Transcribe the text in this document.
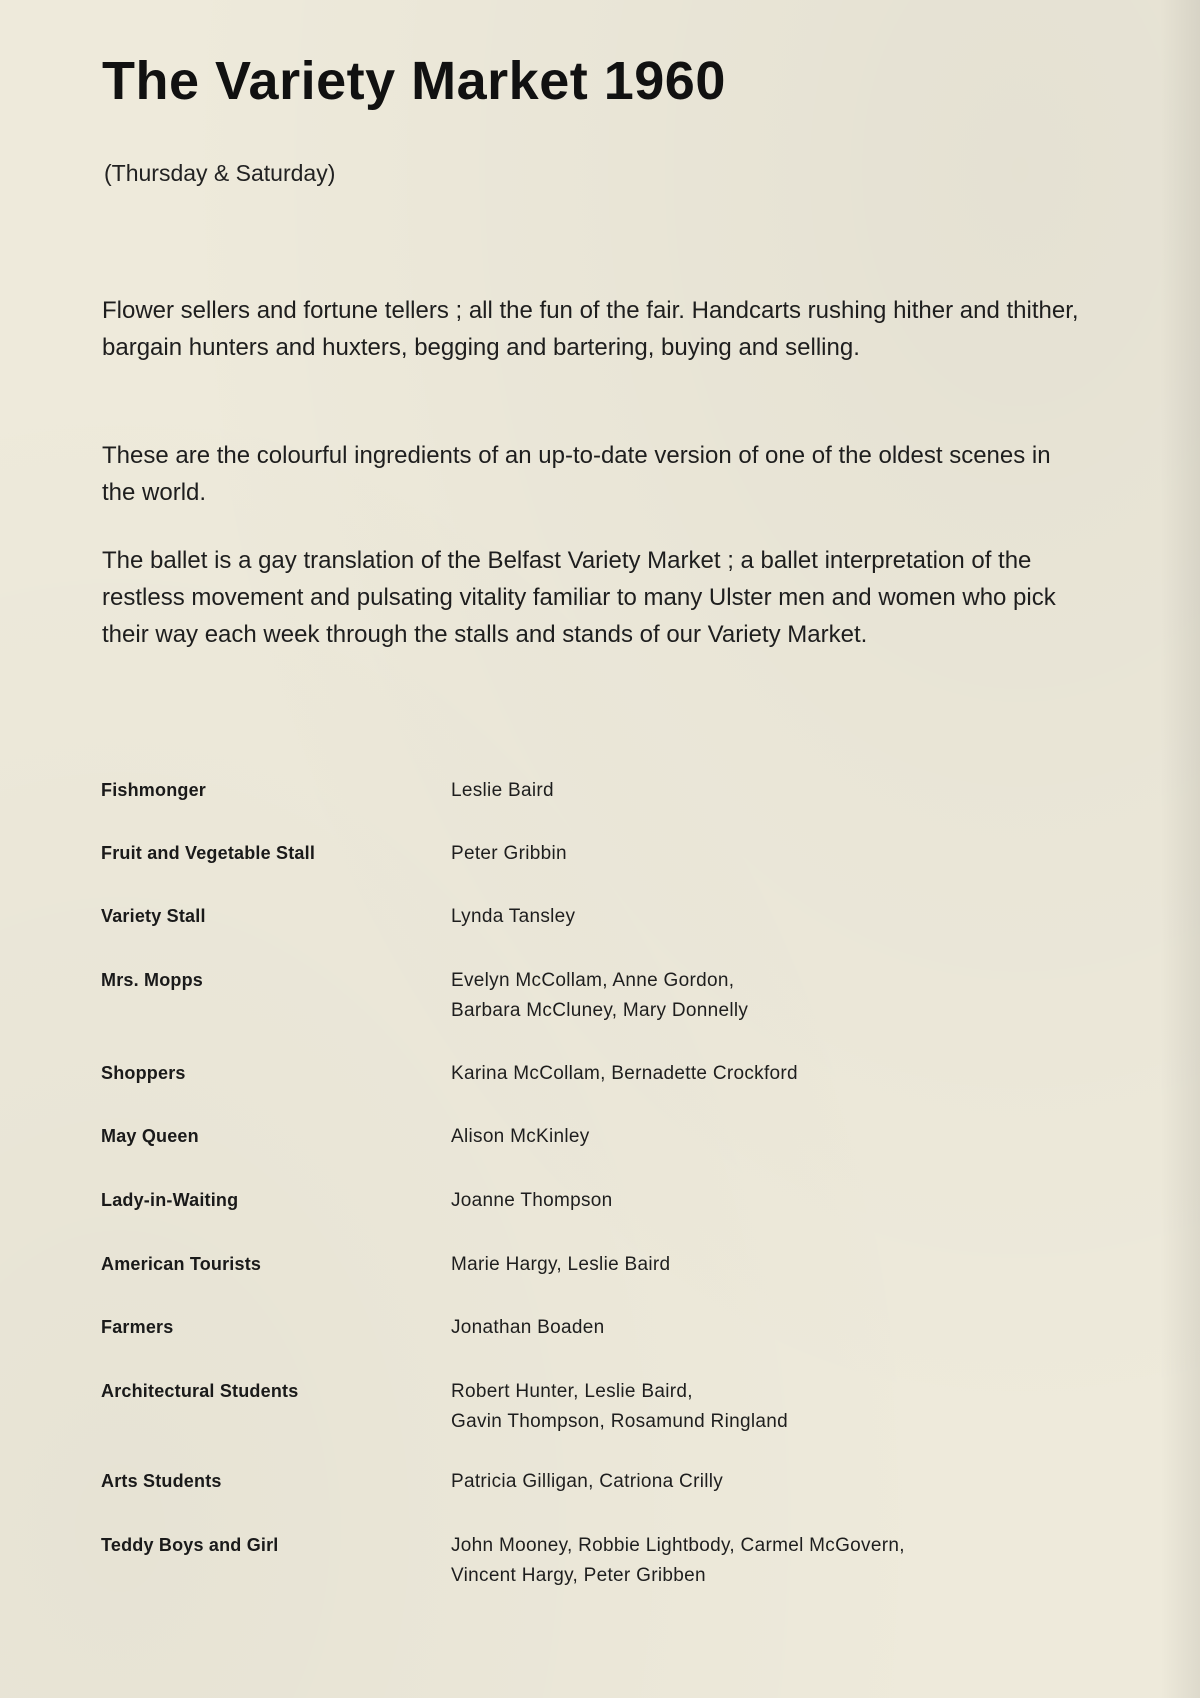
The Variety Market 1960
(Thursday & Saturday)

Flower sellers and fortune tellers ; all the fun of the fair. Handcarts rushing hither and thither, bargain hunters and huxters, begging and bartering, buying and selling.

These are the colourful ingredients of an up-to-date version of one of the oldest scenes in the world.

The ballet is a gay translation of the Belfast Variety Market ; a ballet interpretation of the restless movement and pulsating vitality familiar to many Ulster men and women who pick their way each week through the stalls and stands of our Variety Market.

Fishmonger	Leslie Baird
Fruit and Vegetable Stall	Peter Gribbin
Variety Stall	Lynda Tansley
Mrs. Mopps	Evelyn McCollam, Anne Gordon,
Barbara McCluney, Mary Donnelly
Shoppers	Karina McCollam, Bernadette Crockford
May Queen	Alison McKinley
Lady-in-Waiting	Joanne Thompson
American Tourists	Marie Hargy, Leslie Baird
Farmers	Jonathan Boaden
Architectural Students	Robert Hunter, Leslie Baird,
Gavin Thompson, Rosamund Ringland
Arts Students	Patricia Gilligan, Catriona Crilly
Teddy Boys and Girl	John Mooney, Robbie Lightbody, Carmel McGovern,
Vincent Hargy, Peter Gribben
